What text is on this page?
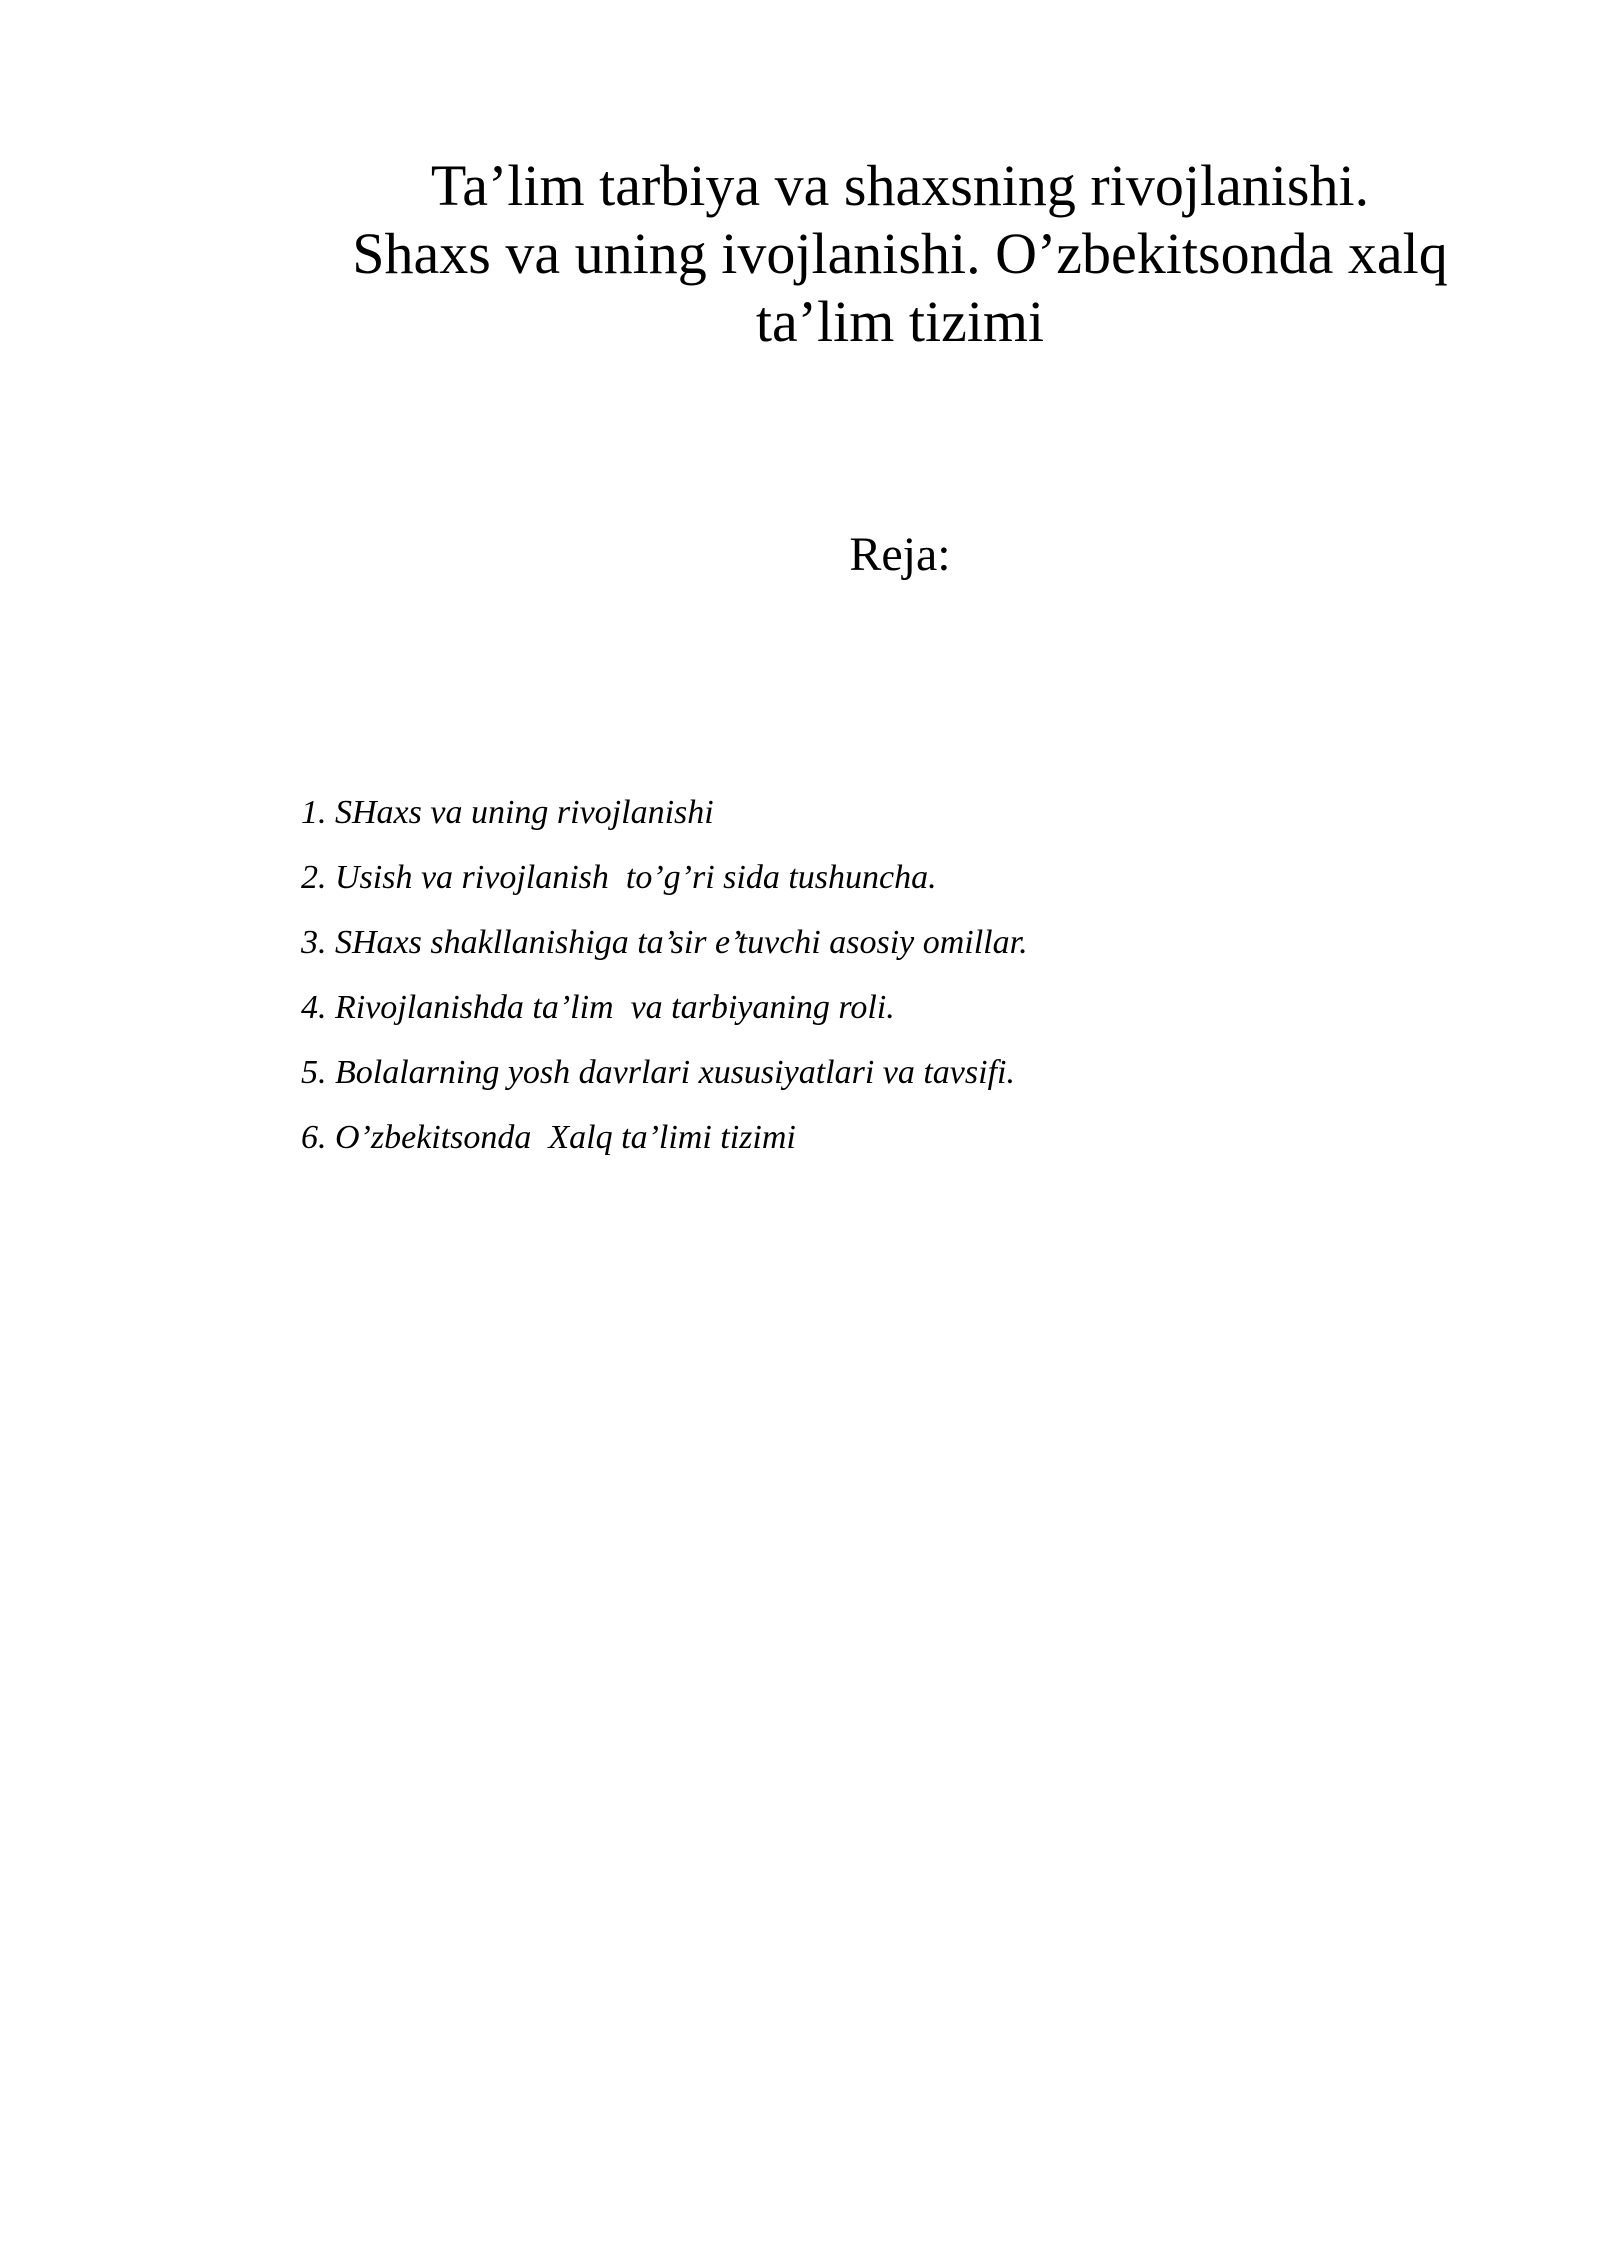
Ta’lim tarbiya va shaxsning rivojlanishi.
Shaxs va uning ivojlanishi. O’zbekitsonda xalq
ta’lim tizimi
Reja:
1. SHaxs va uning rivojlanishi
2. Usish va rivojlanish  to’g’ri sida tushuncha.
3. SHaxs shakllanishiga ta’sir e’tuvchi asosiy omillar.
4. Rivojlanishda ta’lim  va tarbiyaning roli.
5. Bolalarning yosh davrlari xususiyatlari va tavsifi.
6. O’zbekitsonda  Xalq ta’limi tizimi
